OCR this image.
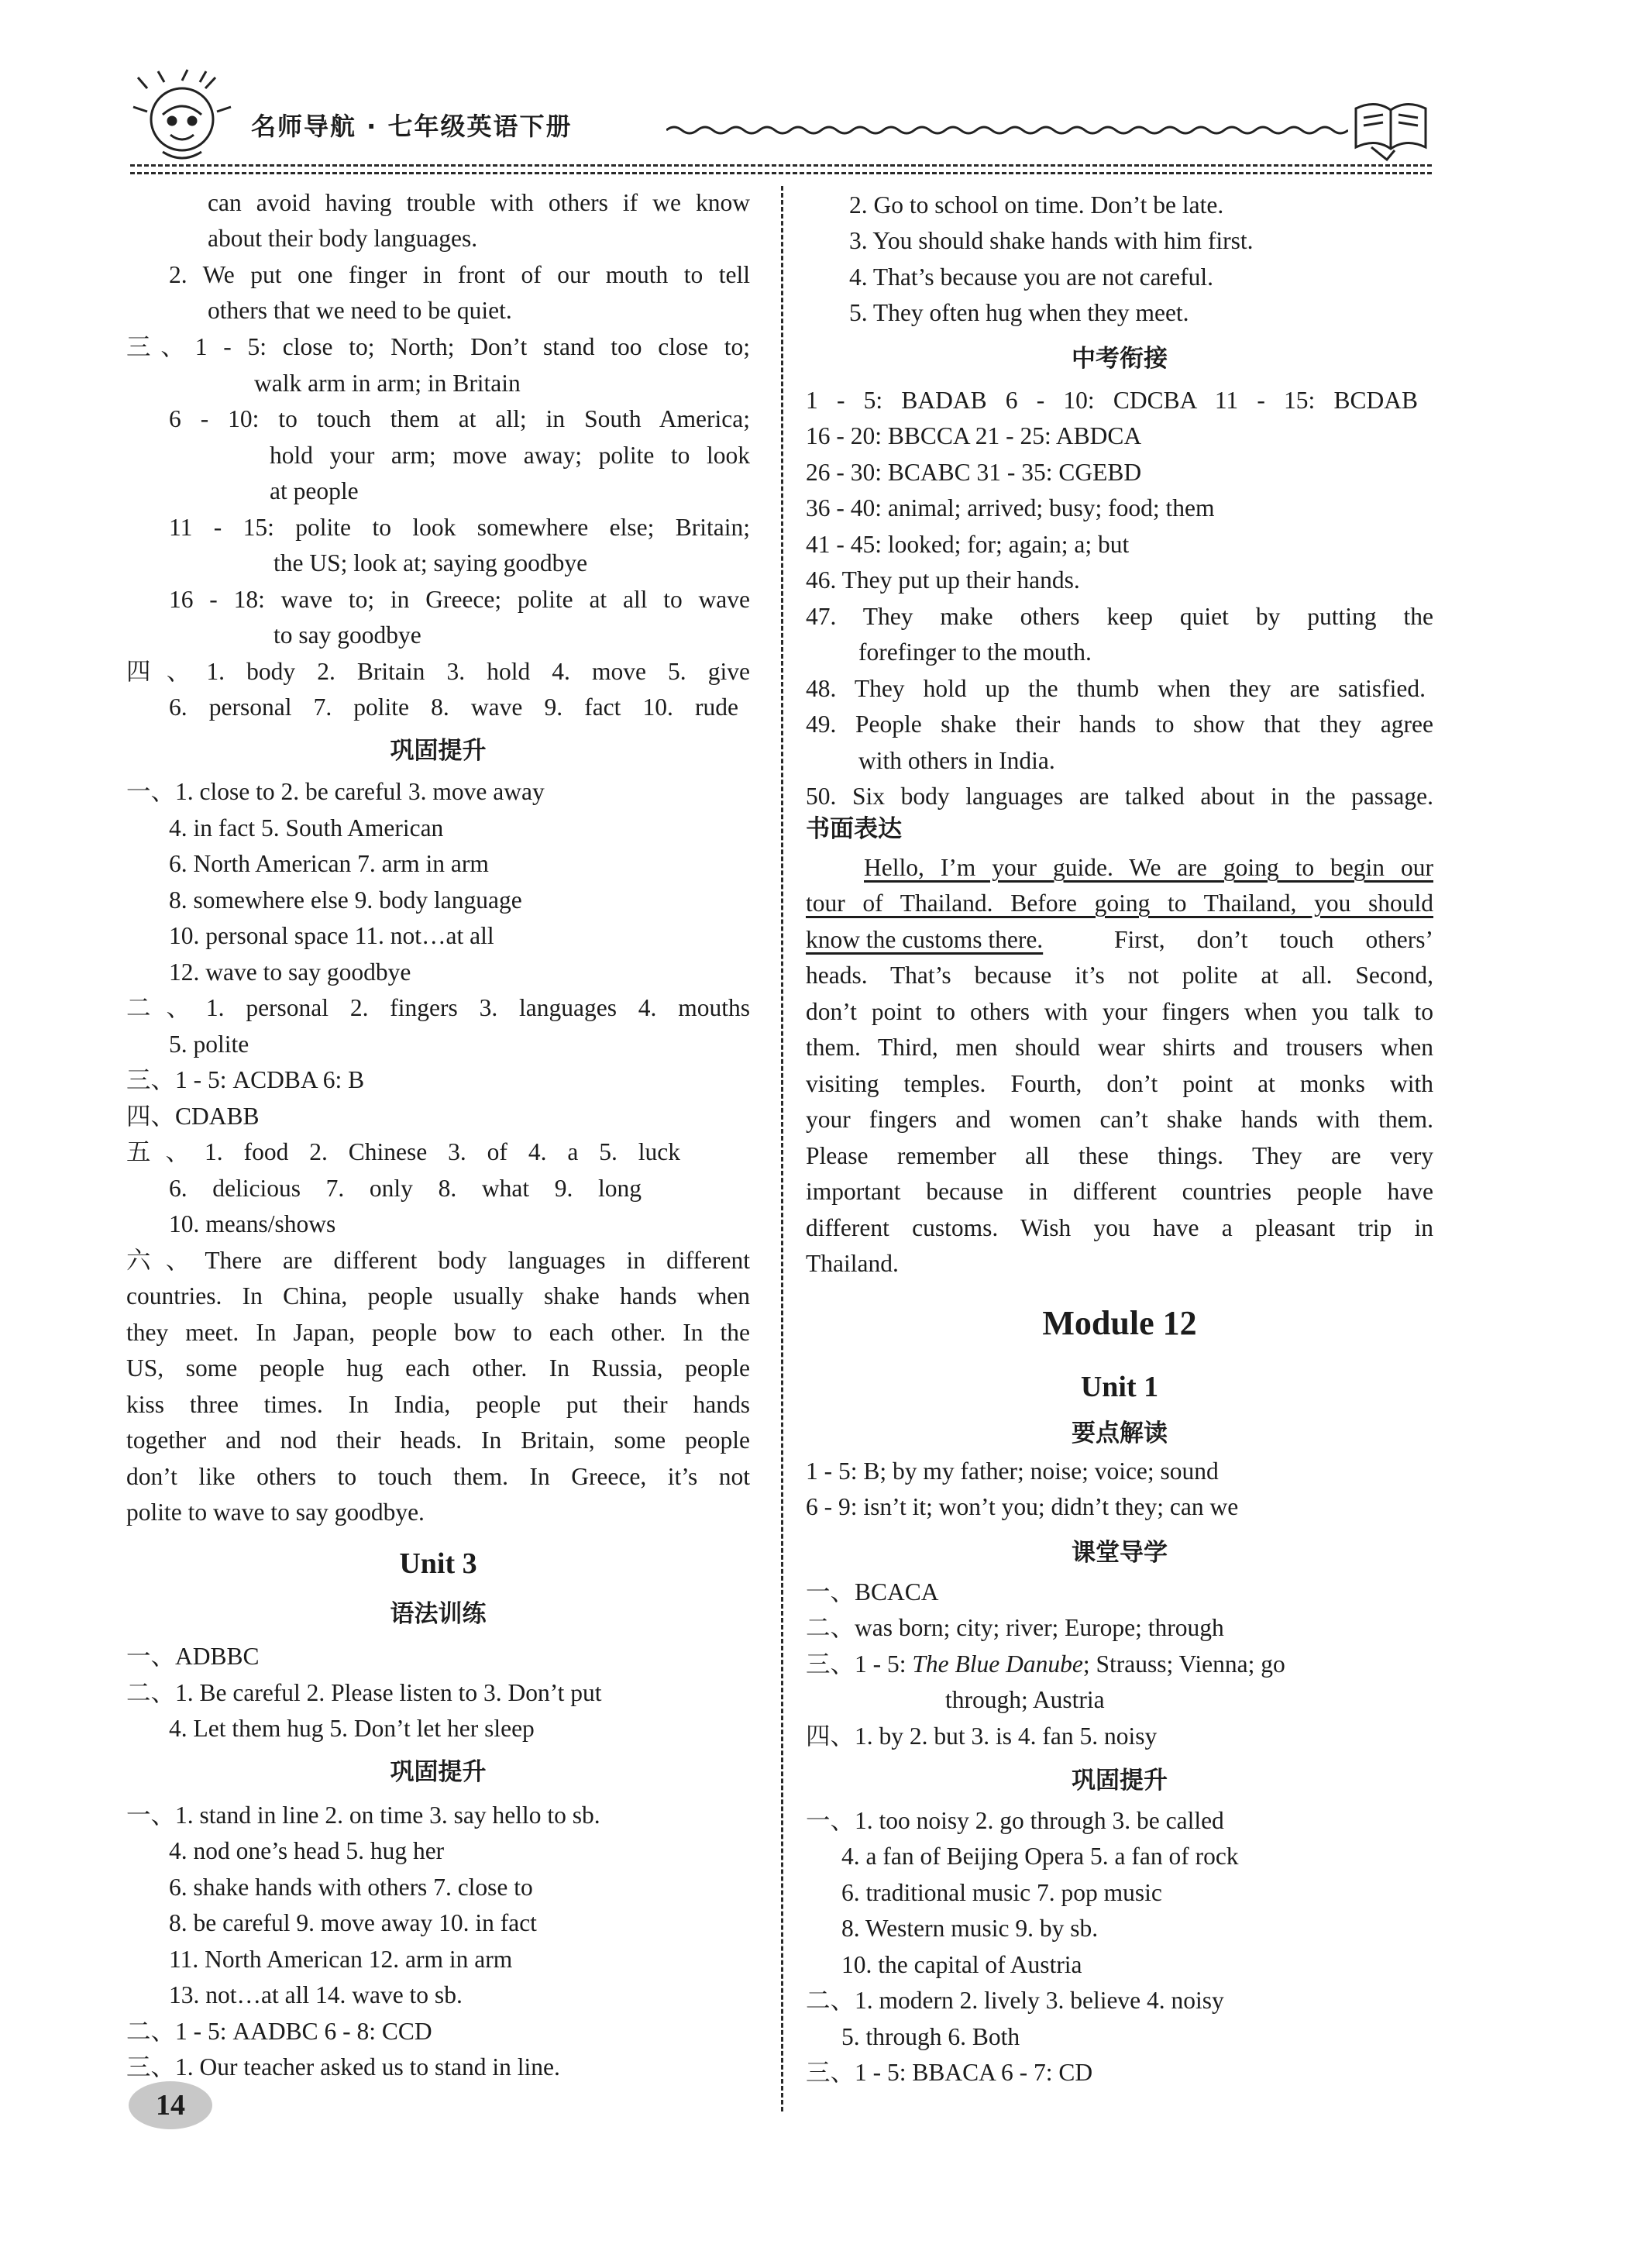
名师导航 · 七年级英语下册
can avoid having trouble with others if we know
about their body languages.
2. We put one finger in front of our mouth to tell
others that we need to be quiet.
三、1 - 5: close to; North; Don’t stand too close to;
walk arm in arm; in Britain
6 - 10: to touch them at all; in South America;
hold your arm; move away; polite to look
at people
11 - 15: polite to look somewhere else; Britain;
the US; look at; saying goodbye
16 - 18: wave to; in Greece; polite at all to wave
to say goodbye
四、1. body 2. Britain 3. hold 4. move 5. give
6. personal 7. polite 8. wave 9. fact 10. rude
巩固提升
一、1. close to 2. be careful 3. move away
4. in fact 5. South American
6. North American 7. arm in arm
8. somewhere else 9. body language
10. personal space 11. not…at all
12. wave to say goodbye
二、1. personal 2. fingers 3. languages 4. mouths
5. polite
三、1 - 5: ACDBA 6: B
四、CDABB
五、1. food 2. Chinese 3. of 4. a 5. luck
6. delicious 7. only 8. what 9. long
10. means/shows
六、There are different body languages in different
countries. In China, people usually shake hands when
they meet. In Japan, people bow to each other. In the
US, some people hug each other. In Russia, people
kiss three times. In India, people put their hands
together and nod their heads. In Britain, some people
don’t like others to touch them. In Greece, it’s not
polite to wave to say goodbye.
Unit 3
语法训练
一、ADBBC
二、1. Be careful 2. Please listen to 3. Don’t put
4. Let them hug 5. Don’t let her sleep
巩固提升
一、1. stand in line 2. on time 3. say hello to sb.
4. nod one’s head 5. hug her
6. shake hands with others 7. close to
8. be careful 9. move away 10. in fact
11. North American 12. arm in arm
13. not…at all 14. wave to sb.
二、1 - 5: AADBC 6 - 8: CCD
三、1. Our teacher asked us to stand in line.
2. Go to school on time. Don’t be late.
3. You should shake hands with him first.
4. That’s because you are not careful.
5. They often hug when they meet.
中考衔接
1 - 5: BADAB 6 - 10: CDCBA 11 - 15: BCDAB
16 - 20: BBCCA 21 - 25: ABDCA
26 - 30: BCABC 31 - 35: CGEBD
36 - 40: animal; arrived; busy; food; them
41 - 45: looked; for; again; a; but
46. They put up their hands.
47. They make others keep quiet by putting the
forefinger to the mouth.
48. They hold up the thumb when they are satisfied.
49. People shake their hands to show that they agree
with others in India.
50. Six body languages are talked about in the passage.
书面表达
Hello, I’m your guide. We are going to begin our
tour of Thailand. Before going to Thailand, you should
know the customs there.	First, don’t touch others’
heads. That’s because it’s not polite at all. Second,
don’t point to others with your fingers when you talk to
them. Third, men should wear shirts and trousers when
visiting temples. Fourth, don’t point at monks with
your fingers and women can’t shake hands with them.
Please remember all these things. They are very
important because in different countries people have
different customs. Wish you have a pleasant trip in
Thailand.
Module 12
Unit 1
要点解读
1 - 5: B; by my father; noise; voice; sound
6 - 9: isn’t it; won’t you; didn’t they; can we
课堂导学
一、BCACA
二、was born; city; river; Europe; through
三、1 - 5: The Blue Danube; Strauss; Vienna; go
through; Austria
四、1. by 2. but 3. is 4. fan 5. noisy
巩固提升
一、1. too noisy 2. go through 3. be called
4. a fan of Beijing Opera 5. a fan of rock
6. traditional music 7. pop music
8. Western music 9. by sb.
10. the capital of Austria
二、1. modern 2. lively 3. believe 4. noisy
5. through 6. Both
三、1 - 5: BBACA 6 - 7: CD
14
